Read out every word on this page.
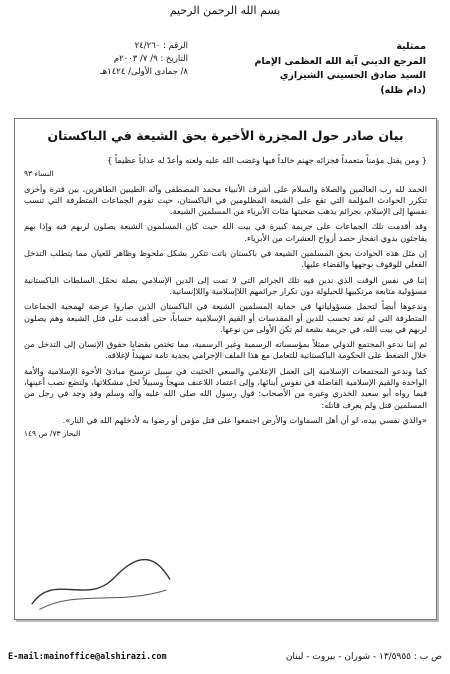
بسم الله الرحمن الرحيم
ممثلية
المرجع الديني آية الله العظمى الإمام
السيد صادق الحسيني الشيرازي
(دام ظله)
الرقم : ٢٤/٢٦٠
التاريخ : ٩/ ٧/ ٢٠٠٣م
٨/ جمادى الأولى/ ١٤٢٤هـ
بيان صادر حول المجزرة الأخيرة بحق الشيعة في الباكستان

{ ومن يقتل مؤمناً متعمداً فجزائه جهنم خالداً فيها وغضب الله عليه ولعنه وأعدّ له عذاباً عظيماً }

النساء ٩٣

الحمد لله رب العالمين والصلاة والسلام على أشرف الأنبياء محمد المصطفى وآله الطيبين الطاهرين، بين فترة وأخرى تتكرر الحوادث المؤلمة التي تقع على الشيعة المظلومين في الباكستان، حيث تقوم الجماعات المتطرفة التي تنسب نفسها إلى الإسلام، بجرائم يذهب ضحيتها مئات الأبرياء من المسلمين الشيعة.

وقد أقدمت تلك الجماعات على جريمة كبيرة في بيت الله حيث كان المسلمون الشيعة يصلون لربهم فيه وإذا بهم يفاجئون بدوي انفجار حصد أرواح العشرات من الأبرياء.

إن مثل هذه الحوادث بحق المسلمين الشيعة في باكستان باتت تتكرر بشكل ملحوظ وظاهر للعيان مما يتطلب التدخل الفعلي للوقوف بوجهها والقضاء عليها.

إننا في نفس الوقت الذي ندين فيه تلك الجرائم التي لا تمت إلى الدين الإسلامي بصلة نحمّل السلطات الباكستانية مسؤولية متابعة مرتكبيها للحيلولة دون تكرار جرائمهم اللاإسلامية واللاإنسانية.

وندعوها أيضاً لتحمل مسؤولياتها في حماية المسلمين الشيعة في الباكستان الذين صاروا عرضة لهمجية الجماعات المتطرفة التي لم تعد تحسب للدين أو المقدسات أو القيم الإسلامية حساباً، حتى أقدمت على قتل الشيعة وهم يصلون لربهم في بيت الله، في جريمة بشعة لم تكن الأولى من نوعها.

ثم إننا ندعو المجتمع الدولي ممثلاً بمؤسساته الرسمية وغير الرسمية، مما تختص بقضايا حقوق الإنسان إلى التدخل من خلال الضغط على الحكومة الباكستانية للتعامل مع هذا الملف الإجرامي بجدية تامة تمهيداً لإغلاقه.

كما وندعو المجتمعات الإسلامية إلى العمل الإعلامي والسعي الحثيث في سبيل ترسيخ مبادئ الأخوة الإسلامية والأمة الواحدة والقيم الإسلامية الفاضلة في نفوس أبنائها، وإلى اعتماد اللاعنف منهجاً وسبيلاً لحل مشكلاتها، ولتضع نصب أعينها، فيما رواه أبو سعيد الخدري وغيره من الأصحاب: قول رسول الله صلى الله عليه وآله وسلم وقد وجد في رجل من المسلمين قتل ولم يعرف قاتله:

«والذي نفسي بيده، لو أن أهل السماوات والأرض اجتمعوا على قتل مؤمن أو رضوا به لأدخلهم الله في النار».

البحار ٧٣/ ص ١٤٩
E-mail:mainoffice@alshirazi.com	ص ب : ١٣/٥٩٥٥ - شوران - بيروت - لبنان
